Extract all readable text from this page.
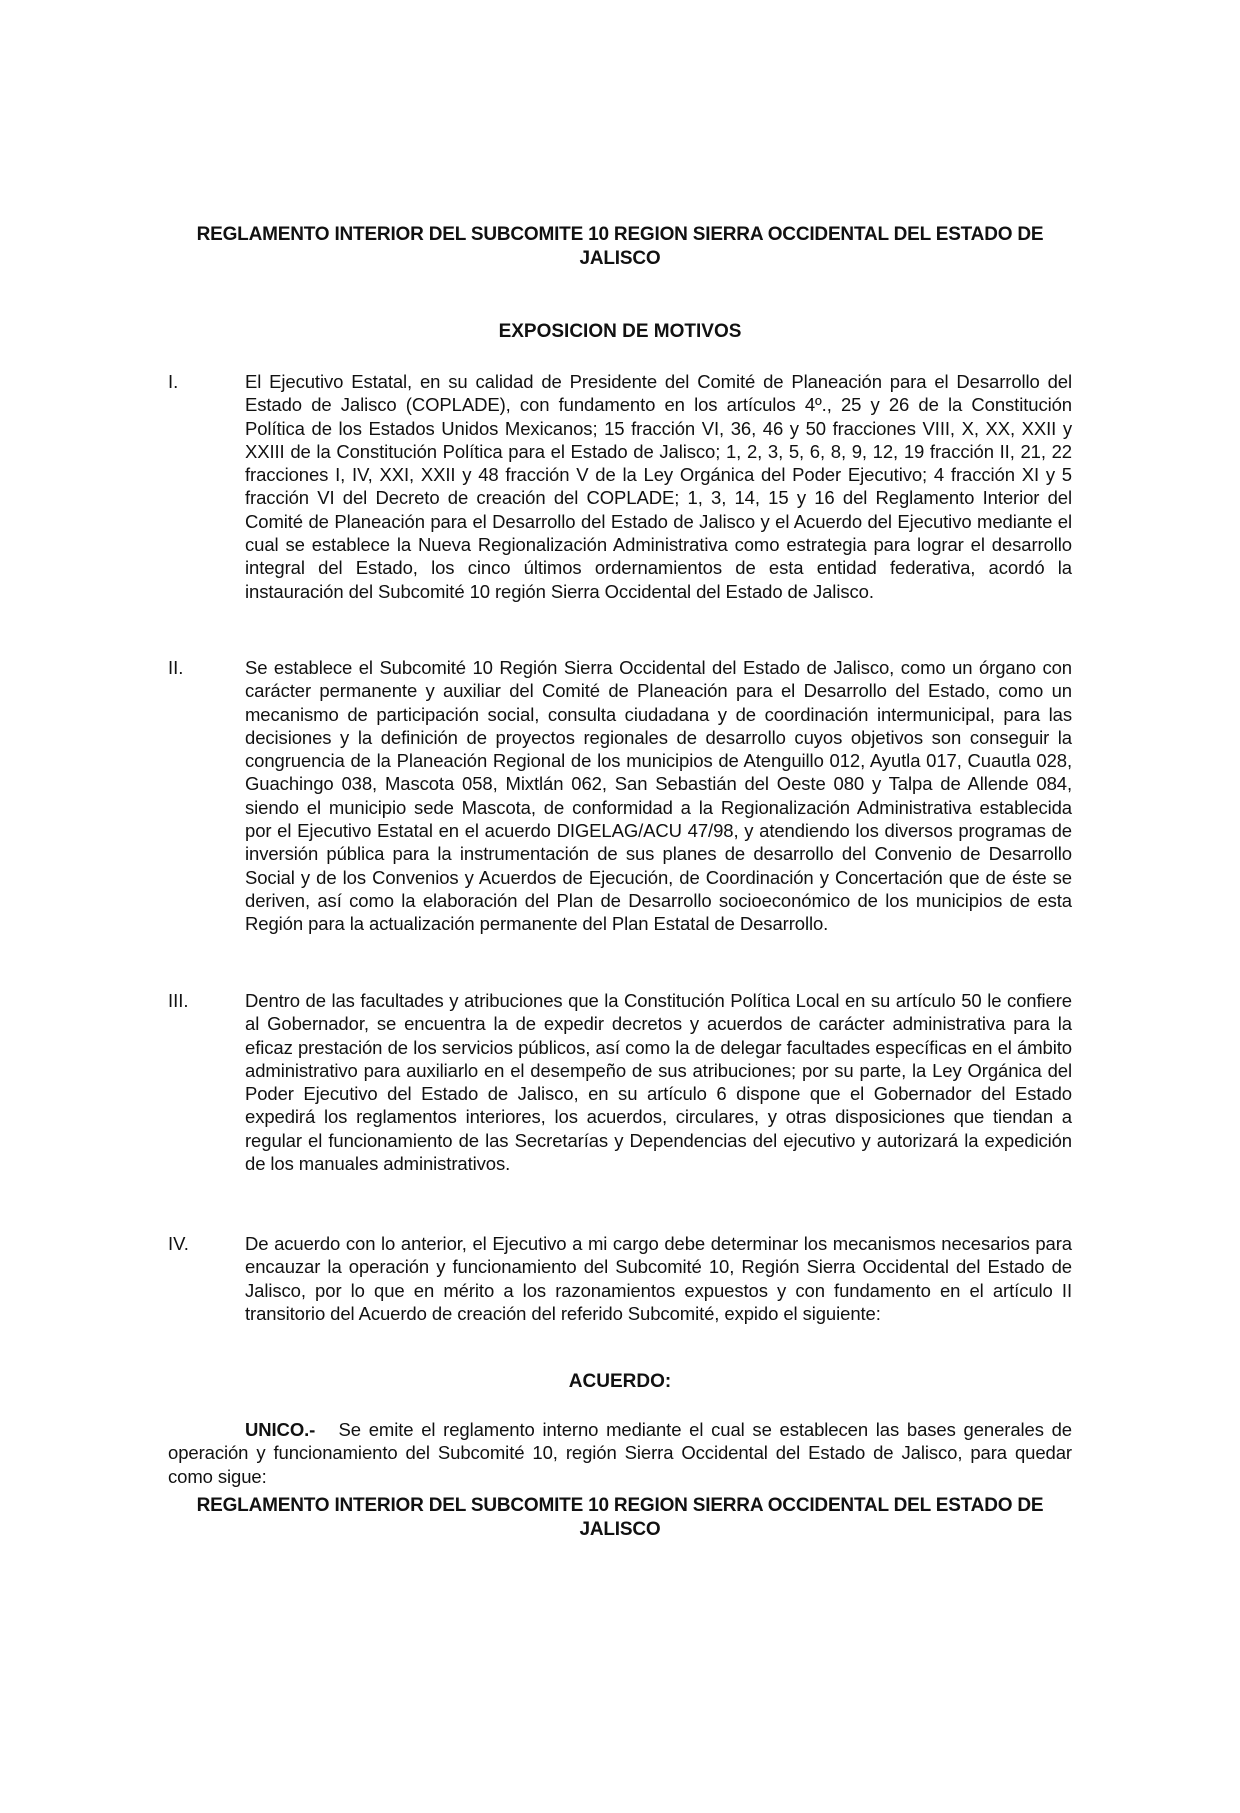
REGLAMENTO INTERIOR DEL SUBCOMITE 10 REGION SIERRA OCCIDENTAL DEL ESTADO DE JALISCO
EXPOSICION DE MOTIVOS
I.	El Ejecutivo Estatal, en su calidad de Presidente del Comité de Planeación para el Desarrollo del Estado de Jalisco (COPLADE), con fundamento en los artículos 4º., 25 y 26 de la Constitución Política de los Estados Unidos Mexicanos; 15 fracción VI, 36, 46 y 50 fracciones VIII, X, XX, XXII y XXIII de la Constitución Política para el Estado de Jalisco; 1, 2, 3, 5, 6, 8, 9, 12, 19 fracción II, 21, 22 fracciones I, IV, XXI, XXII y 48 fracción V de la Ley Orgánica del Poder Ejecutivo; 4 fracción XI y 5 fracción VI del Decreto de creación del COPLADE; 1, 3, 14, 15 y 16 del Reglamento Interior del Comité de Planeación para el Desarrollo del Estado de Jalisco y el Acuerdo del Ejecutivo mediante el cual se establece la Nueva Regionalización Administrativa como estrategia para lograr el desarrollo integral del Estado, los cinco últimos ordernamientos de esta entidad federativa, acordó la instauración del Subcomité 10 región Sierra Occidental del Estado de Jalisco.
II.	Se establece el Subcomité 10 Región Sierra Occidental del Estado de Jalisco, como un órgano con carácter permanente y auxiliar del Comité de Planeación para el Desarrollo del Estado, como un mecanismo de participación social, consulta ciudadana y de coordinación intermunicipal, para las decisiones y la definición de proyectos regionales de desarrollo cuyos objetivos son conseguir la congruencia de la Planeación Regional de los municipios de Atenguillo 012, Ayutla 017, Cuautla 028, Guachingo 038, Mascota 058, Mixtlán 062, San Sebastián del Oeste 080 y Talpa de Allende 084, siendo el municipio sede Mascota, de conformidad a la Regionalización Administrativa establecida por el Ejecutivo Estatal en el acuerdo DIGELAG/ACU 47/98, y atendiendo los diversos programas de inversión pública para la instrumentación de sus planes de desarrollo del Convenio de Desarrollo Social y de los Convenios y Acuerdos de Ejecución, de Coordinación y Concertación que de éste se deriven, así como la elaboración del Plan de Desarrollo socioeconómico de los municipios de esta Región para la actualización permanente del Plan Estatal de Desarrollo.
III.	Dentro de las facultades y atribuciones que la Constitución Política Local en su artículo 50 le confiere al Gobernador, se encuentra la de expedir decretos y acuerdos de carácter administrativa para la eficaz prestación de los servicios públicos, así como la de delegar facultades específicas en el ámbito administrativo para auxiliarlo en el desempeño de sus atribuciones; por su parte, la Ley Orgánica del Poder Ejecutivo del Estado de Jalisco, en su artículo 6 dispone que el Gobernador del Estado expedirá los reglamentos interiores, los acuerdos, circulares, y otras disposiciones que tiendan a regular el funcionamiento de las Secretarías y Dependencias del ejecutivo y autorizará la expedición de los manuales administrativos.
IV.	De acuerdo con lo anterior, el Ejecutivo a mi cargo debe determinar los mecanismos necesarios para encauzar la operación y funcionamiento del Subcomité 10, Región Sierra Occidental del Estado de Jalisco, por lo que en mérito a los razonamientos expuestos y con fundamento en el artículo II transitorio del Acuerdo de creación del referido Subcomité, expido el siguiente:
ACUERDO:
UNICO.- Se emite el reglamento interno mediante el cual se establecen las bases generales de operación y funcionamiento del Subcomité 10, región Sierra Occidental del Estado de Jalisco, para quedar como sigue:
REGLAMENTO INTERIOR DEL SUBCOMITE 10 REGION SIERRA OCCIDENTAL DEL ESTADO DE JALISCO
